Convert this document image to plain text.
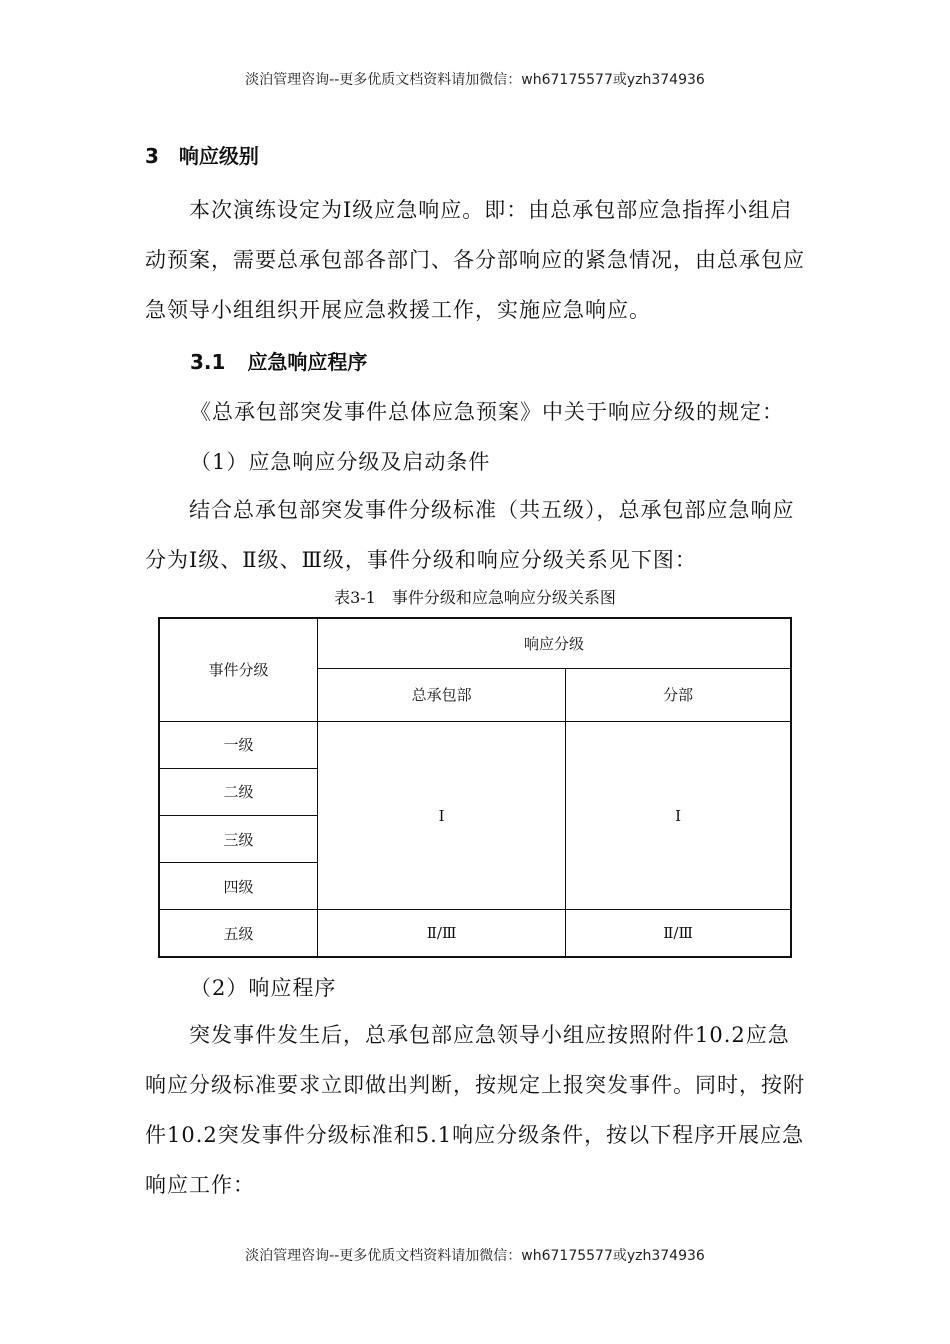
淡泊管理咨询--更多优质文档资料请加微信：wh67175577或yzh374936
3 响应级别
本次演练设定为Ⅰ级应急响应。即：由总承包部应急指挥小组启动预案，需要总承包部各部门、各分部响应的紧急情况，由总承包应急领导小组组织开展应急救援工作，实施应急响应。
3.1 应急响应程序
《总承包部突发事件总体应急预案》中关于响应分级的规定：
（1）应急响应分级及启动条件
结合总承包部突发事件分级标准（共五级），总承包部应急响应分为Ⅰ级、Ⅱ级、Ⅲ级，事件分级和响应分级关系见下图：
表3-1 事件分级和应急响应分级关系图
事件分级	响应分级	
	总承包部	分部
一级	Ⅰ	Ⅰ
二级		
三级		
四级		
五级	Ⅱ/Ⅲ	Ⅱ/Ⅲ
（2）响应程序
突发事件发生后，总承包部应急领导小组应按照附件10.2应急响应分级标准要求立即做出判断，按规定上报突发事件。同时，按附件10.2突发事件分级标准和5.1响应分级条件，按以下程序开展应急响应工作：
淡泊管理咨询--更多优质文档资料请加微信：wh67175577或yzh374936
